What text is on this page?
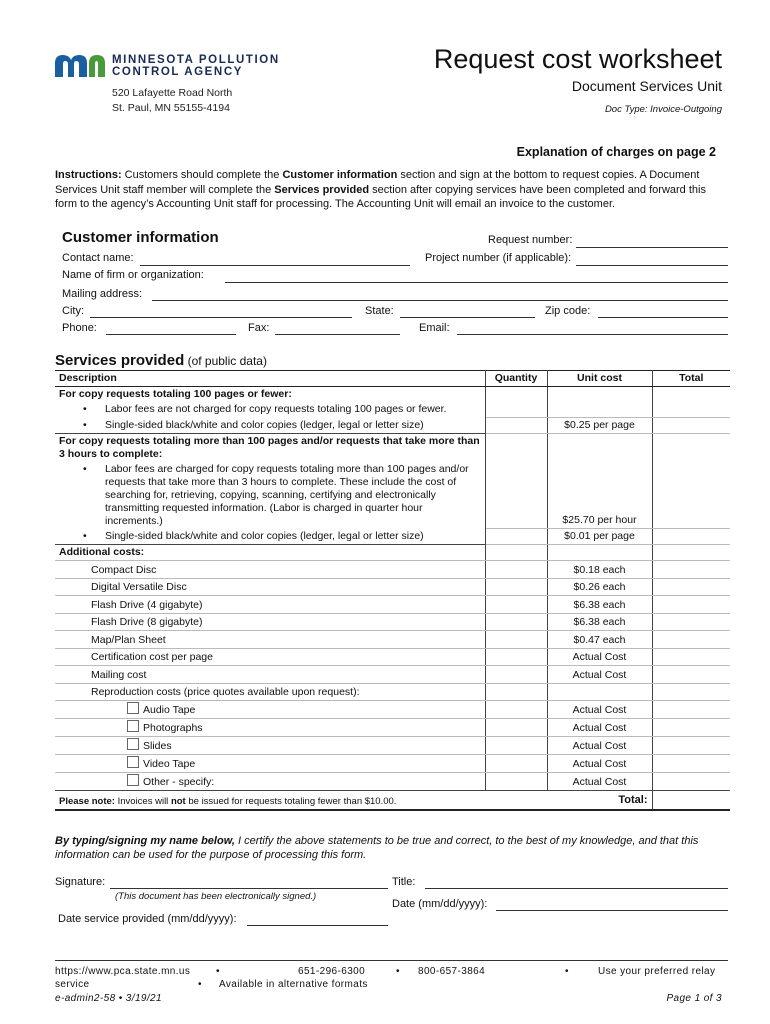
MINNESOTA POLLUTION
CONTROL AGENCY
520 Lafayette Road North
St. Paul, MN 55155-4194
Request cost worksheet
Document Services Unit
Doc Type: Invoice-Outgoing
Explanation of charges on page 2
Instructions: Customers should complete the Customer information section and sign at the bottom to request copies. A Document Services Unit staff member will complete the Services provided section after copying services have been completed and forward this form to the agency’s Accounting Unit staff for processing. The Accounting Unit will email an invoice to the customer.
Customer information	Request number:
Contact name:	Project number (if applicable):
Name of firm or organization:
Mailing address:
City:	State:	Zip code:
Phone:	Fax:	Email:
Services provided (of public data)
Description	Quantity	Unit cost	Total
For copy requests totaling 100 pages or fewer:			

• Labor fees are not charged for copy requests totaling 100 pages or fewer.

• Single-sided black/white and color copies (ledger, legal or letter size)		$0.25 per page	
For copy requests totaling more than 100 pages and/or requests that take more than 3 hours to complete:			

• Labor fees are charged for copy requests totaling more than 100 pages and/or requests that take more than 3 hours to complete. These include the cost of searching for, retrieving, copying, scanning, certifying and electronically transmitting requested information. (Labor is charged in quarter hour increments.)		$25.70 per hour	

• Single-sided black/white and color copies (ledger, legal or letter size)		$0.01 per page	
Additional costs:			
Compact Disc		$0.18 each	
Digital Versatile Disc		$0.26 each	
Flash Drive (4 gigabyte)		$6.38 each	
Flash Drive (8 gigabyte)		$6.38 each	
Map/Plan Sheet		$0.47 each	
Certification cost per page		Actual Cost	
Mailing cost		Actual Cost	
Reproduction costs (price quotes available upon request):			
Audio Tape		Actual Cost	
Photographs		Actual Cost	
Slides		Actual Cost	
Video Tape		Actual Cost	
Other - specify:		Actual Cost	
Please note: Invoices will not be issued for requests totaling fewer than $10.00. Total:			

By typing/signing my name below, I certify the above statements to be true and correct, to the best of my knowledge, and that this information can be used for the purpose of processing this form.
Signature:
(This document has been electronically signed.)
Title:
Date (mm/dd/yyyy):
Date service provided (mm/dd/yyyy):
https://www.pca.state.mn.us	•	651-296-6300	• 800-657-3864	•	Use your preferred relay
service	• Available in alternative formats
e-admin2-58 • 3/19/21	Page 1 of 3
